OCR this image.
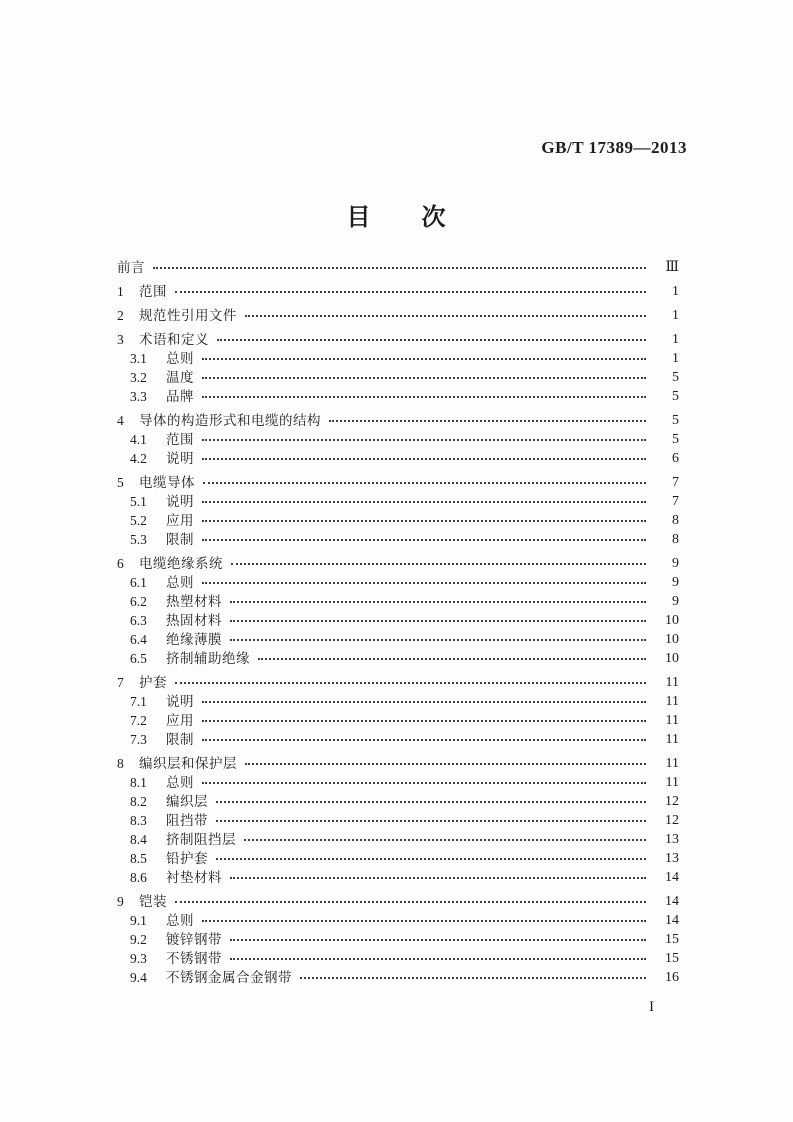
GB/T 17389—2013
目　　次
前言	Ⅲ
1	范围	1
2	规范性引用文件	1
3	术语和定义	1
3.1	总则	1
3.2	温度	5
3.3	品牌	5
4	导体的构造形式和电缆的结构	5
4.1	范围	5
4.2	说明	6
5	电缆导体	7
5.1	说明	7
5.2	应用	8
5.3	限制	8
6	电缆绝缘系统	9
6.1	总则	9
6.2	热塑材料	9
6.3	热固材料	10
6.4	绝缘薄膜	10
6.5	挤制辅助绝缘	10
7	护套	11
7.1	说明	11
7.2	应用	11
7.3	限制	11
8	编织层和保护层	11
8.1	总则	11
8.2	编织层	12
8.3	阻挡带	12
8.4	挤制阻挡层	13
8.5	铅护套	13
8.6	衬垫材料	14
9	铠装	14
9.1	总则	14
9.2	镀锌钢带	15
9.3	不锈钢带	15
9.4	不锈钢金属合金钢带	16
I
